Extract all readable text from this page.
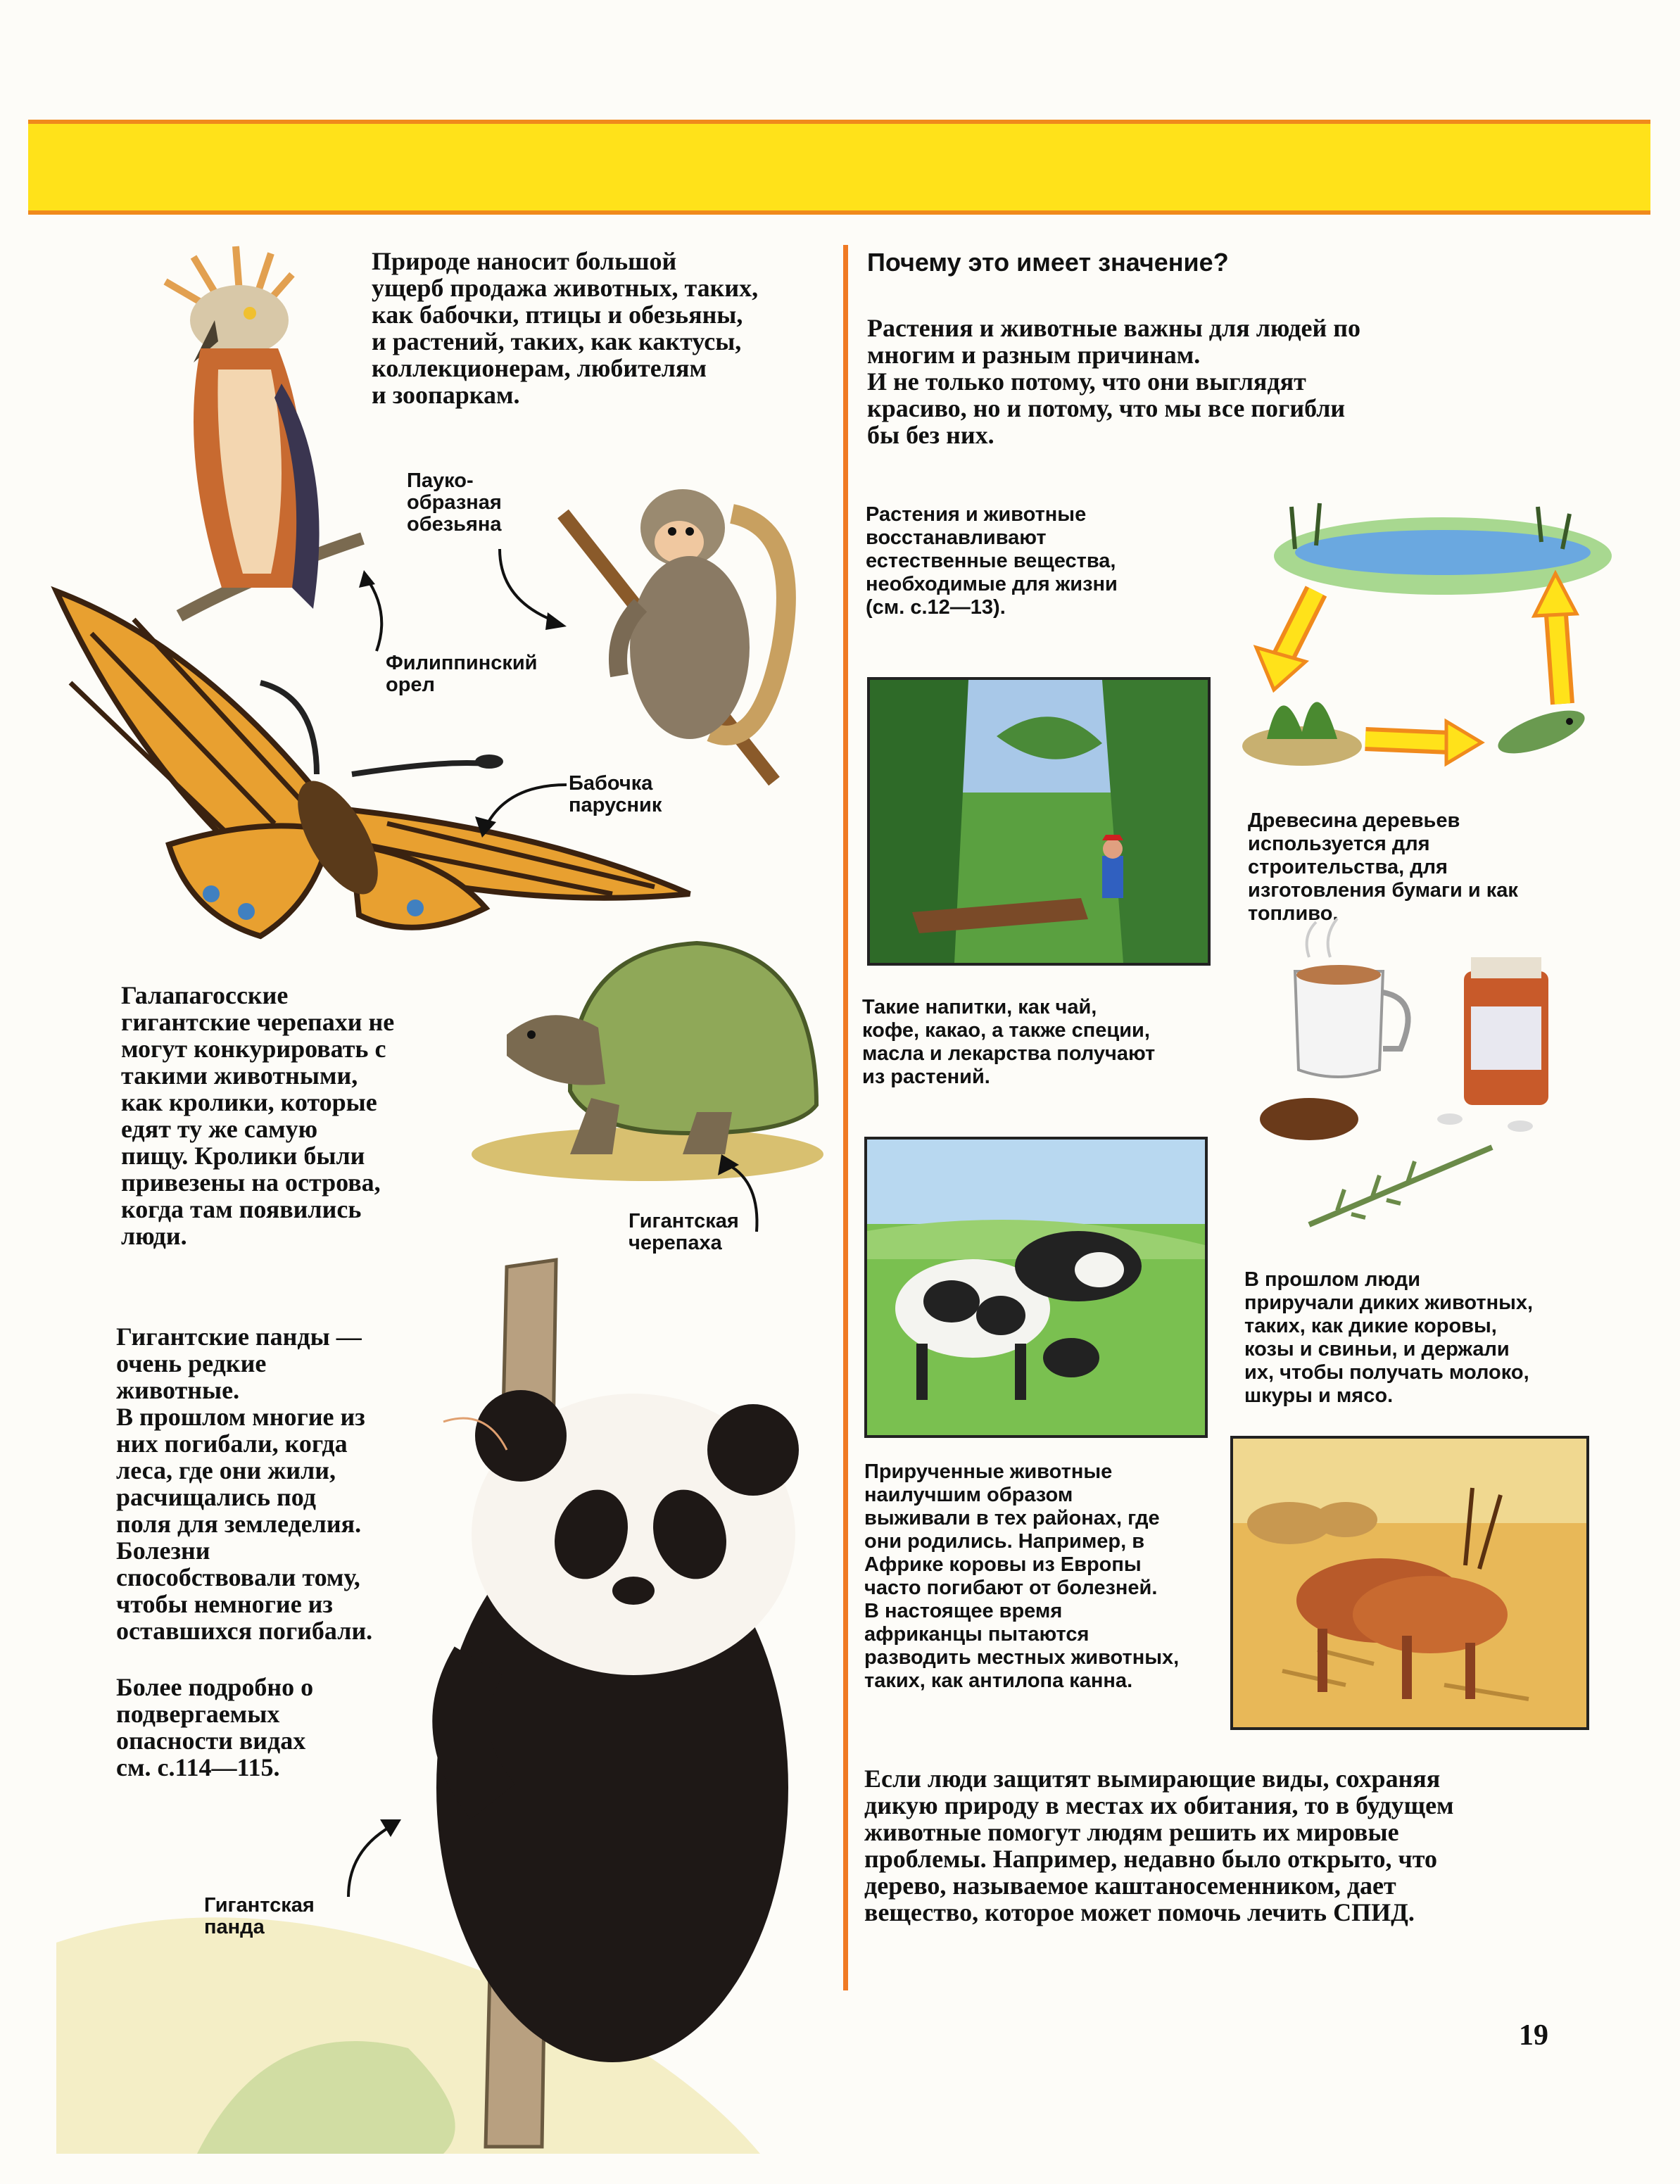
Природе наносит большой
ущерб продажа животных, таких,
как бабочки, птицы и обезьяны,
и растений, таких, как кактусы,
коллекционерам, любителям
и зоопаркам.

Пауко-
образная
обезьяна

Филиппинский
орел

Бабочка
парусник

Галапагосские
гигантские черепахи не
могут конкурировать с
такими животными,
как кролики, которые
едят ту же самую
пищу. Кролики были
привезены на острова,
когда там появились
люди.

Гигантская
черепаха

Гигантские панды —
очень редкие
животные.
В прошлом многие из
них погибали, когда
леса, где они жили,
расчищались под
поля для земледелия.
Болезни
способствовали тому,
чтобы немногие из
оставшихся погибали.

Более подробно о
подвергаемых
опасности видах
см. с.114—115.

Гигантская
панда

Почему это имеет значение?

Растения и животные важны для людей по
многим и разным причинам.
И не только потому, что они выглядят
красиво, но и потому, что мы все погибли
бы без них.

Растения и животные
восстанавливают
естественные вещества,
необходимые для жизни
(см. с.12—13).

Древесина деревьев
используется для
строительства, для
изготовления бумаги и как
топливо.

Такие напитки, как чай,
кофе, какао, а также специи,
масла и лекарства получают
из растений.

В прошлом люди
приручали диких животных,
таких, как дикие коровы,
козы и свиньи, и держали
их, чтобы получать молоко,
шкуры и мясо.

Прирученные животные
наилучшим образом
выживали в тех районах, где
они родились. Например, в
Африке коровы из Европы
часто погибают от болезней.
В настоящее время
африканцы пытаются
разводить местных животных,
таких, как антилопа канна.

Если люди защитят вымирающие виды, сохраняя
дикую природу в местах их обитания, то в будущем
животные помогут людям решить их мировые
проблемы. Например, недавно было открыто, что
дерево, называемое каштаносеменником, дает
вещество, которое может помочь лечить СПИД.

19
